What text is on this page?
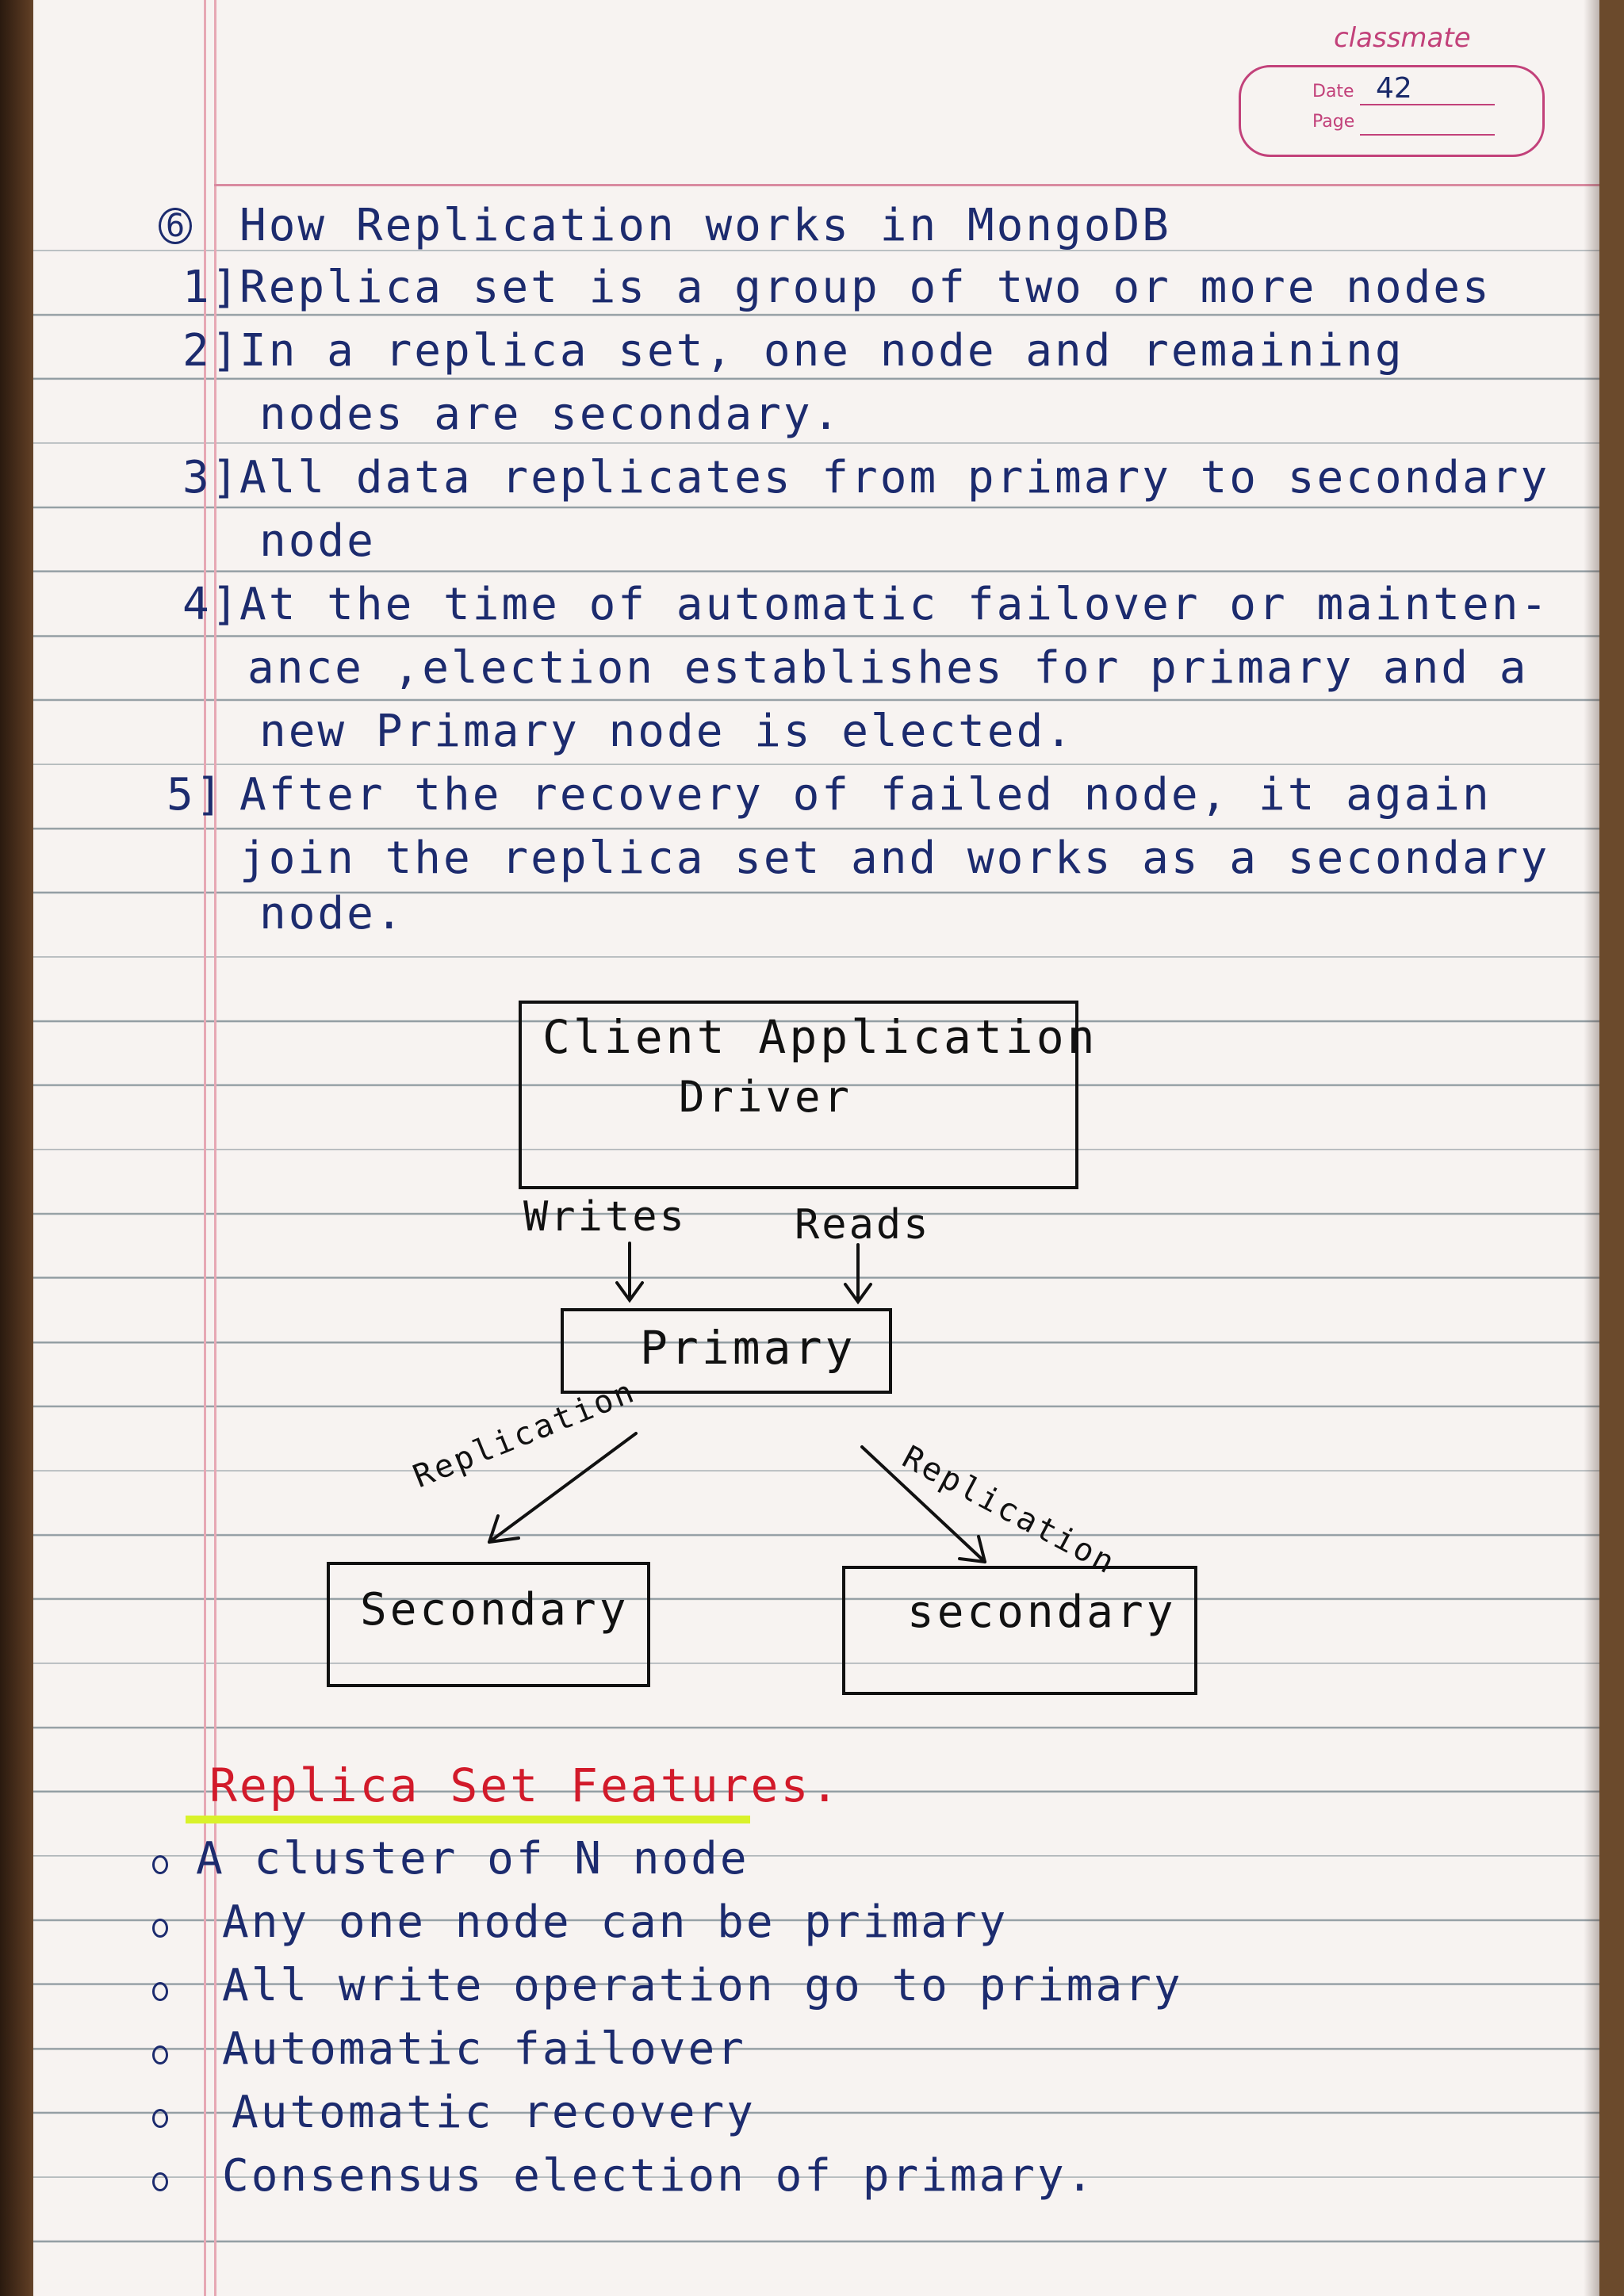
classmate
Date
Page
42
6 How Replication works in MongoDB
1]
Replica set is a group of two or more nodes
2]
In a replica set, one node and remaining
nodes are secondary.
3]
All data replicates from primary to secondary
node
4]
At the time of automatic failover or mainten-
ance ,election establishes for primary and a
new Primary node is elected.
5] After the recovery of failed node, it again
join the replica set and works as a secondary
node.
Client Application
Driver
Writes	Reads
Primary
Replication
Replication
Secondary	secondary
Replica Set Features.
A cluster of N node
Any one node can be primary
All write operation go to primary
Automatic failover
Automatic recovery
Consensus election of primary.
